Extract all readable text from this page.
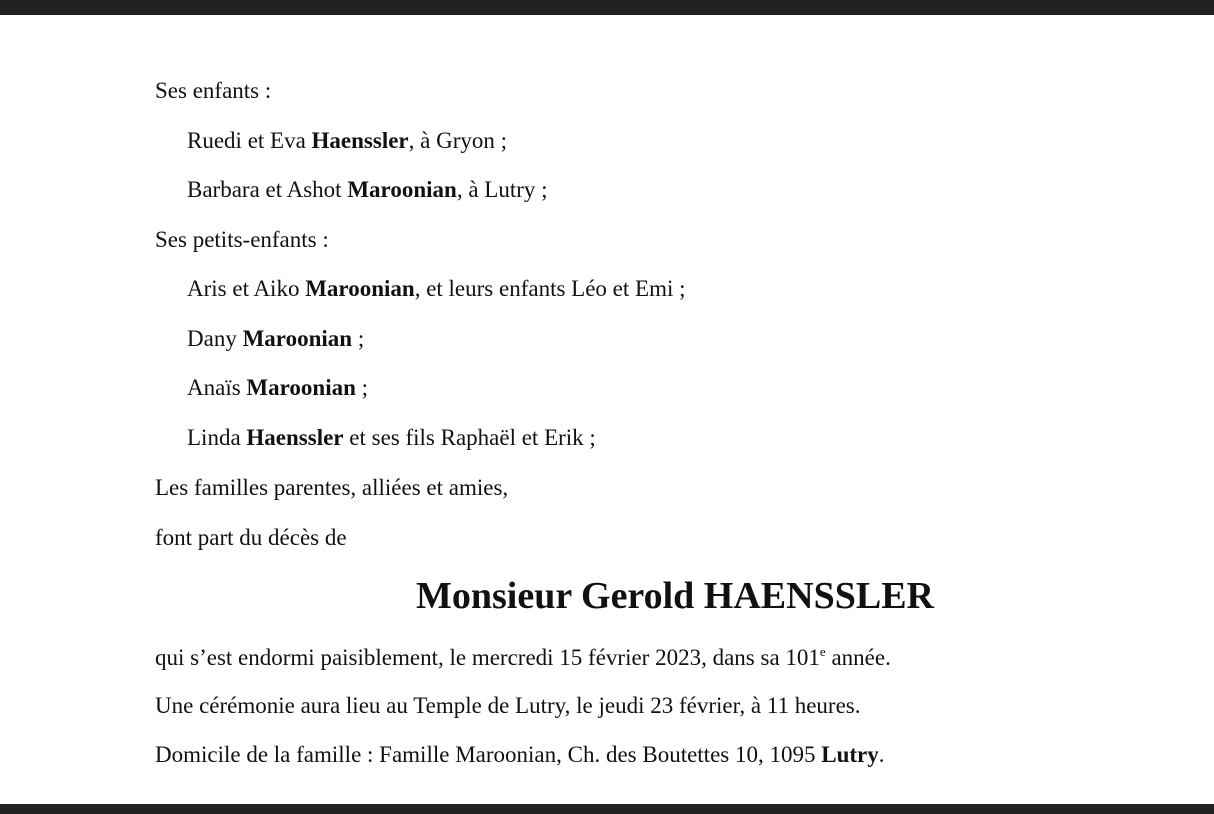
Ses enfants :
Ruedi et Eva Haenssler, à Gryon ;
Barbara et Ashot Maroonian, à Lutry ;
Ses petits-enfants :
Aris et Aiko Maroonian, et leurs enfants Léo et Emi ;
Dany Maroonian ;
Anaïs Maroonian ;
Linda Haenssler et ses fils Raphaël et Erik ;
Les familles parentes, alliées et amies,
font part du décès de
Monsieur Gerold HAENSSLER
qui s’est endormi paisiblement, le mercredi 15 février 2023, dans sa 101e année.
Une cérémonie aura lieu au Temple de Lutry, le jeudi 23 février, à 11 heures.
Domicile de la famille : Famille Maroonian, Ch. des Boutettes 10, 1095 Lutry.
